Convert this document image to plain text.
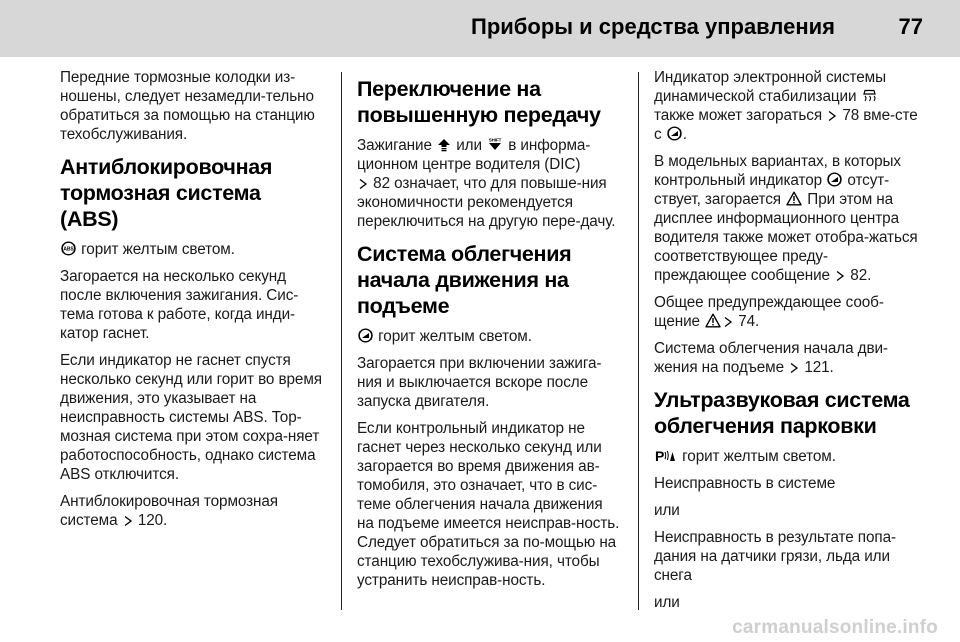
Приборы и средства управления	77

Передние тормозные колодки из-ношены, следует незамедли-тельно обратиться за помощью на станцию техобслуживания.

Антиблокировочная тормозная система (ABS)

ABS горит желтым светом.

Загорается на несколько секунд после включения зажигания. Сис-тема готова к работе, когда инди-катор гаснет.

Если индикатор не гаснет спустя несколько секунд или горит во время движения, это указывает на неисправность системы ABS. Тор-мозная система при этом сохра-няет работоспособность, однако система ABS отключится.

Антиблокировочная тормозная система 120.

Переключение на повышенную передачу

Зажигание или SHIFT в информа-ционном центре водителя (DIC)

82 означает, что для повыше-ния экономичности рекомендуется переключиться на другую пере-дачу.

Система облегчения начала движения на подъеме

горит желтым светом.

Загорается при включении зажига-ния и выключается вскоре после запуска двигателя.

Если контрольный индикатор не гаснет через несколько секунд или загорается во время движения ав-томобиля, это означает, что в сис-теме облегчения начала движения на подъеме имеется неисправ-ность. Следует обратиться за по-мощью на станцию техобслужива-ния, чтобы устранить неисправ-ность.

Индикатор электронной системы динамической стабилизации

также может загораться 78 вме-сте с .

В модельных вариантах, в которых контрольный индикатор отсут-ствует, загорается При этом на дисплее информационного центра водителя также может отобра-жаться соответствующее преду-преждающее сообщение 82.

Общее предупреждающее сооб-щение	74.

Система облегчения начала дви-жения на подъеме 121.

Ультразвуковая система облегчения парковки

P горит желтым светом.

Неисправность в системе

или

Неисправность в результате попа-дания на датчики грязи, льда или снега

или

carmanualsonline.info
